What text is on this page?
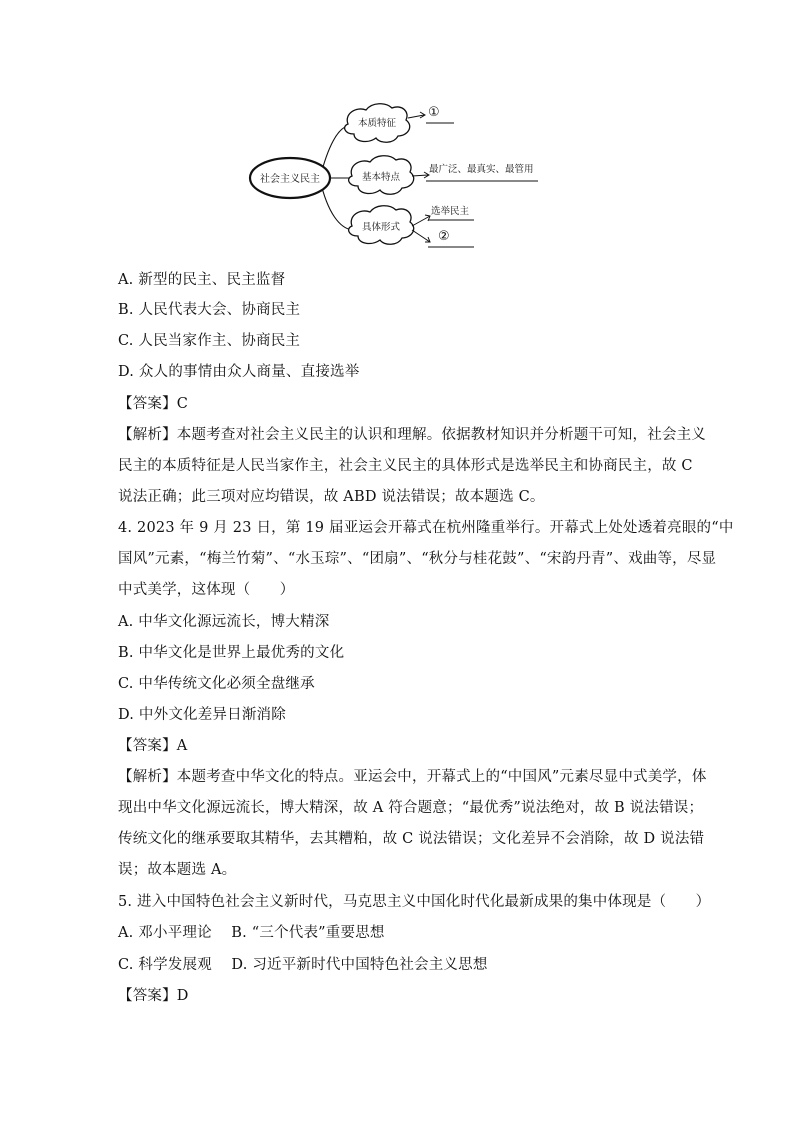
社会主义民主
本质特征
①
基本特点
最广泛、最真实、最管用
具体形式
选举民主
②
A. 新型的民主、民主监督
B. 人民代表大会、协商民主
C. 人民当家作主、协商民主
D. 众人的事情由众人商量、直接选举
【答案】C
【解析】本题考查对社会主义民主的认识和理解。依据教材知识并分析题干可知，社会主义
民主的本质特征是人民当家作主，社会主义民主的具体形式是选举民主和协商民主，故 C
说法正确；此三项对应均错误，故 ABD 说法错误；故本题选 C。
4. 2023 年 9 月 23 日，第 19 届亚运会开幕式在杭州隆重举行。开幕式上处处透着亮眼的“中
国风”元素，“梅兰竹菊”、“水玉琮”、“团扇”、“秋分与桂花鼓”、“宋韵丹青”、戏曲等，尽显
中式美学，这体现（　　）
A. 中华文化源远流长，博大精深
B. 中华文化是世界上最优秀的文化
C. 中华传统文化必须全盘继承
D. 中外文化差异日渐消除
【答案】A
【解析】本题考查中华文化的特点。亚运会中，开幕式上的“中国风”元素尽显中式美学，体
现出中华文化源远流长，博大精深，故 A 符合题意；“最优秀”说法绝对，故 B 说法错误；
传统文化的继承要取其精华，去其糟粕，故 C 说法错误；文化差异不会消除，故 D 说法错
误；故本题选 A。
5. 进入中国特色社会主义新时代，马克思主义中国化时代化最新成果的集中体现是（　　）
A. 邓小平理论　 B. “三个代表”重要思想
C. 科学发展观　 D. 习近平新时代中国特色社会主义思想
【答案】D
